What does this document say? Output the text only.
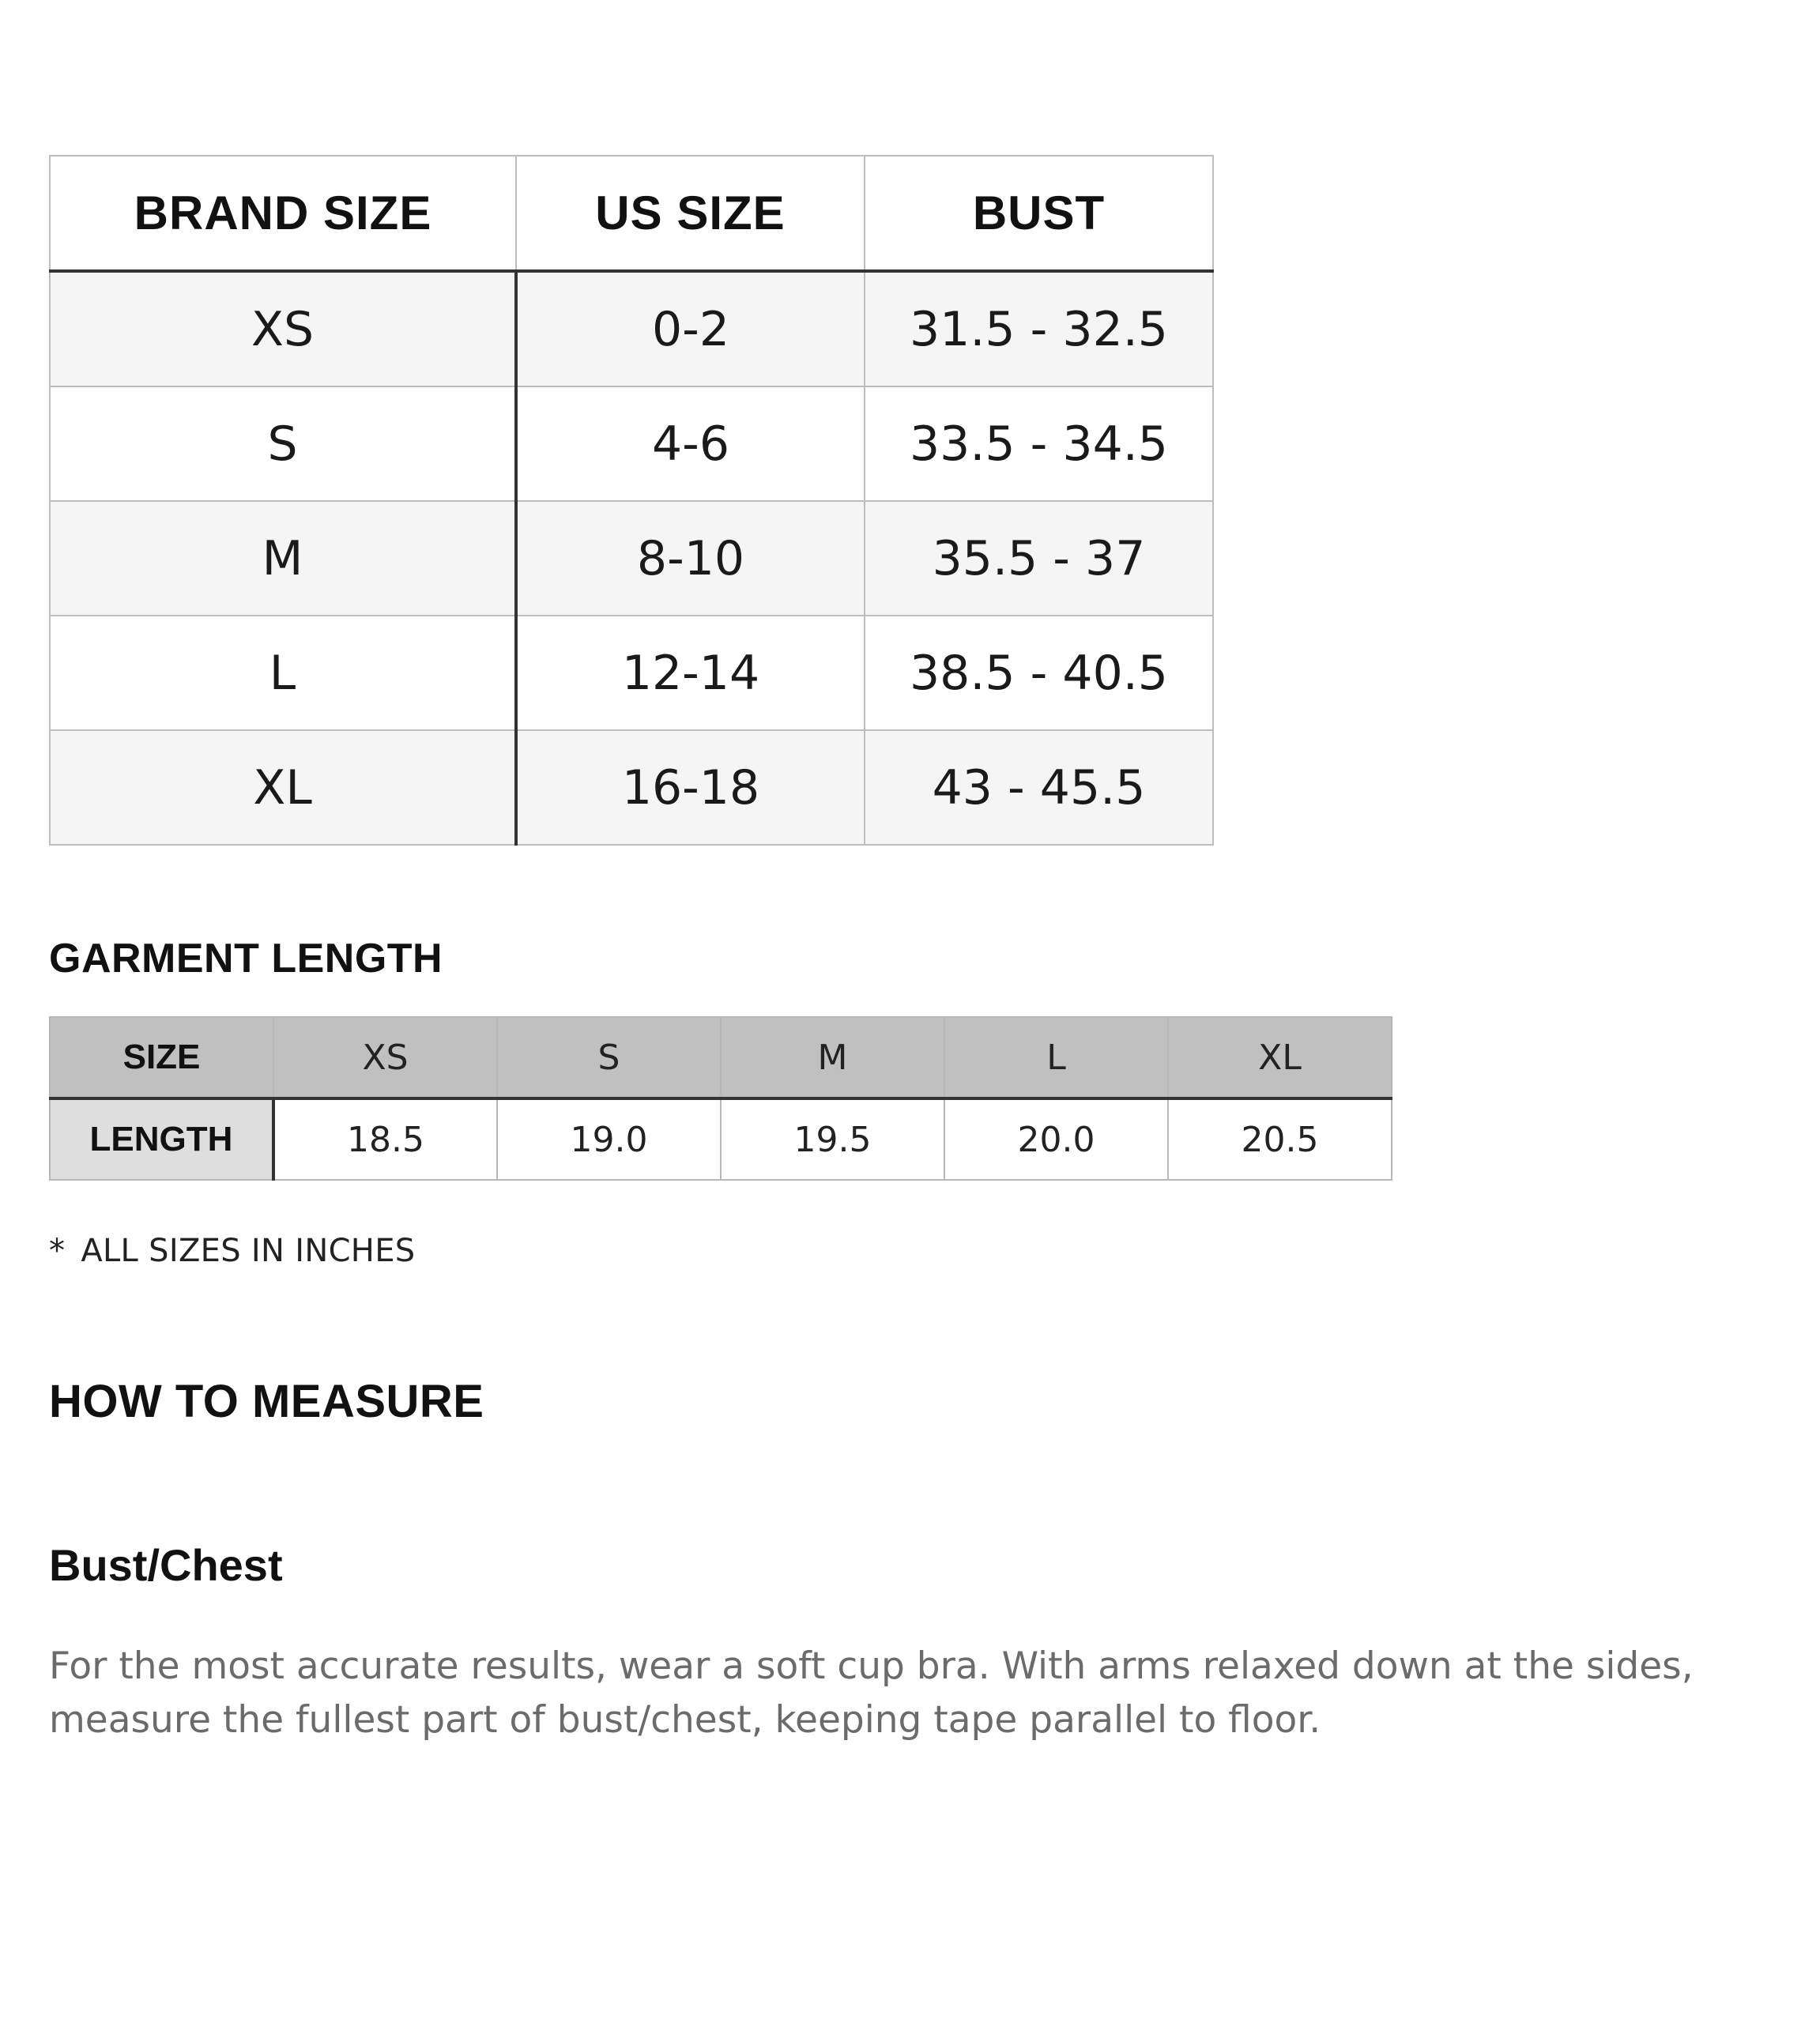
BRAND SIZE	US SIZE	BUST
XS	0-2	31.5 - 32.5
S	4-6	33.5 - 34.5
M	8-10	35.5 - 37
L	12-14	38.5 - 40.5
XL	16-18	43 - 45.5
GARMENT LENGTH
SIZE	XS	S	M	L	XL
LENGTH	18.5	19.0	19.5	20.0	20.5

* ALL SIZES IN INCHES

HOW TO MEASURE
Bust/Chest

For the most accurate results, wear a soft cup bra. With arms relaxed down at the sides, measure the fullest part of bust/chest, keeping tape parallel to floor.
